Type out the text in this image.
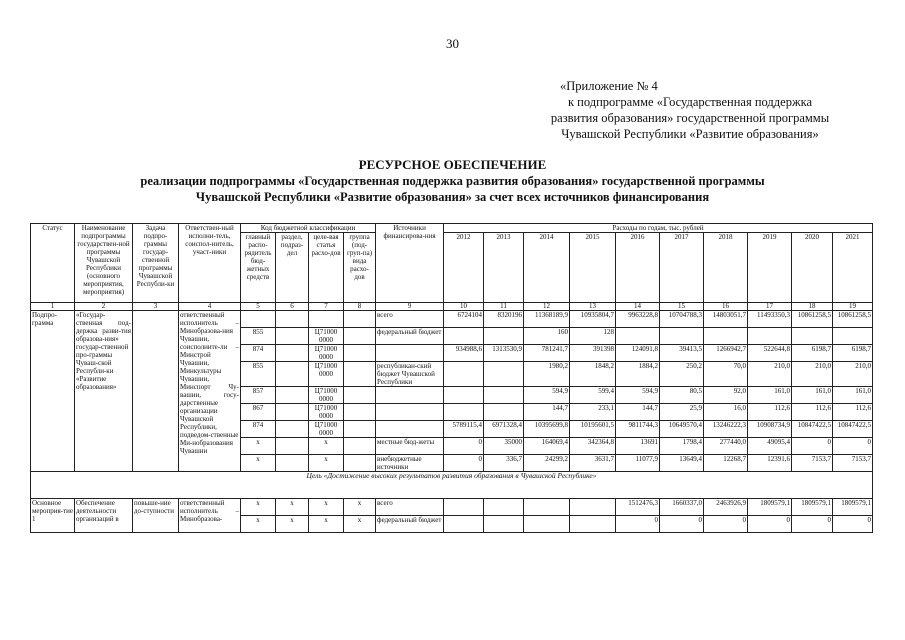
30
«Приложение № 4
к подпрограмме «Государственная поддержка
развития образования» государственной программы
Чувашской Республики «Развитие образования»
РЕСУРСНОЕ ОБЕСПЕЧЕНИЕ
реализации подпрограммы «Государственная поддержка развития образования» государственной программы
Чувашской Республики «Развитие образования» за счет всех источников финансирования
Статус	Наименование подпрограммы государствен-ной программы Чувашской Республики (основного мероприятия, мероприятия)	Задача подпро-граммы государ-ственной программы Чувашской Республи-ки	Ответствен-ный исполни-тель, соиспол-нитель, участ-ники	Код бюджетной классификации				Источники финансирова-ния	Расходы по годам, тыс. рублей									
				главный распо-рядитель бюд-жетных средств	раздел, подраз-дел	целе-вая статья расхо-дов	группа (под-груп-па) вида расхо-дов		2012	2013	2014	2015	2016	2017	2018	2019	2020	2021
1	2	3	4	5	6	7	8	9	10	11	12	13	14	15	16	17	18	19
Подпро-грамма	«Государ-ственная под-держка разви-тия образова-ния» государ-ственной про-граммы Чуваш-ской Республи-ки «Развитие образования»		ответственный исполнитель – Минобразова-ния Чувашии, соисполните-ли – Минстрой Чувашии, Минкультуры Чувашии, Минспорт Чу-вашии, госу-дарственные организации Чувашской Республики, подведом-ственные Ми-нобразования Чувашии					всего	6724104	8320196	11368189,9	10935804,7	9963228,8	10704788,3	14803051,7	11493350,3	10861258,5	10861258,5
				855		Ц71000 0000		федеральный бюджет			160	128						
				874		Ц71000 0000			934988,6	1313530,9	781241,7	391398	124091,8	39413,5	1266942,7	522644,8	6198,7	6198,7
				855		Ц71000 0000		республикан-ский бюджет Чувашской Республики			1980,2	1848,2	1884,2	250,2	70,0	210,0	210,0	210,0
				857		Ц71000 0000					594,9	599,4	594,9	80,5	92,0	161,0	161,0	161,0
				867		Ц71000 0000					144,7	233,1	144,7	25,9	16,0	112,6	112,6	112,6
				874		Ц71000 0000			5789115,4	6971328,4	10395699,8	10195601,5	9811744,3	10649570,4	13246222,3	10908734,9	10847422,5	10847422,5
				x		x		местные бюд-жеты	0	35000	164069,4	342364,8	13691	1798,4	277440,0	49095,4	0	0
				x		x		внебюджетные источники	0	336,7	24299,2	3631,7	11077,9	13649,4	12268,7	12391,6	7153,7	7153,7
Цель «Достижение высоких результатов развития образования в Чувашской Республике»																		
Основное мероприя-тие 1	Обеспечение деятельности организаций в	повыше-ние до-ступности	ответственный исполнитель – Минобразова-	x	x	x	x	всего					1512476,3	1660337,0	2463926,9	1809579,1	1809579,1	1809579,1
				x	x	x	x	федеральный бюджет					0	0	0	0	0	0
